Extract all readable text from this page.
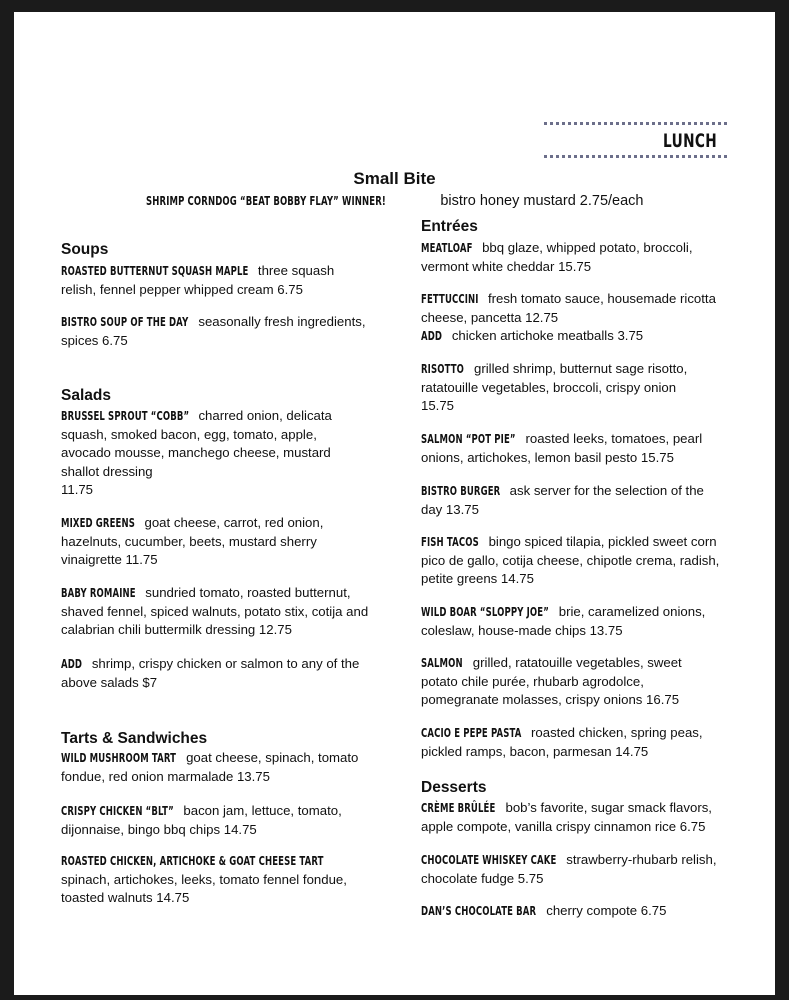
LUNCH
Small Bite
SHRIMP CORNDOG “BEAT BOBBY FLAY” WINNER!	bistro honey mustard 2.75/each
Soups
ROASTED BUTTERNUT SQUASH MAPLE three squash relish, fennel pepper whipped cream 6.75
BISTRO SOUP OF THE DAY seasonally fresh ingredients, spices 6.75
Salads
BRUSSEL SPROUT “COBB” charred onion, delicata squash, smoked bacon, egg, tomato, apple, avocado mousse, manchego cheese, mustard shallot dressing
11.75
MIXED GREENS goat cheese, carrot, red onion, hazelnuts, cucumber, beets, mustard sherry vinaigrette 11.75
BABY ROMAINE sundried tomato, roasted butternut, shaved fennel, spiced walnuts, potato stix, cotija and calabrian chili buttermilk dressing 12.75
ADD shrimp, crispy chicken or salmon to any of the above salads $7
Tarts & Sandwiches
WILD MUSHROOM TART goat cheese, spinach, tomato fondue, red onion marmalade 13.75
CRISPY CHICKEN “BLT” bacon jam, lettuce, tomato, dijonnaise, bingo bbq chips 14.75
ROASTED CHICKEN, ARTICHOKE & GOAT CHEESE TART spinach, artichokes, leeks, tomato fennel fondue, toasted walnuts 14.75
Entrées
MEATLOAF bbq glaze, whipped potato, broccoli, vermont white cheddar 15.75
FETTUCCINI fresh tomato sauce, housemade ricotta cheese, pancetta 12.75
ADD chicken artichoke meatballs 3.75
RISOTTO grilled shrimp, butternut sage risotto, ratatouille vegetables, broccoli, crispy onion 15.75
SALMON “POT PIE” roasted leeks, tomatoes, pearl onions, artichokes, lemon basil pesto 15.75
BISTRO BURGER ask server for the selection of the day 13.75
FISH TACOS bingo spiced tilapia, pickled sweet corn pico de gallo, cotija cheese, chipotle crema, radish, petite greens 14.75
WILD BOAR “SLOPPY JOE” brie, caramelized onions, coleslaw, house-made chips 13.75
SALMON grilled, ratatouille vegetables, sweet potato chile purée, rhubarb agrodolce, pomegranate molasses, crispy onions 16.75
CACIO E PEPE PASTA roasted chicken, spring peas, pickled ramps, bacon, parmesan 14.75
Desserts
CRÈME BRÛLÉE bob’s favorite, sugar smack flavors, apple compote, vanilla crispy cinnamon rice 6.75
CHOCOLATE WHISKEY CAKE strawberry-rhubarb relish, chocolate fudge 5.75
DAN’S CHOCOLATE BAR cherry compote 6.75
